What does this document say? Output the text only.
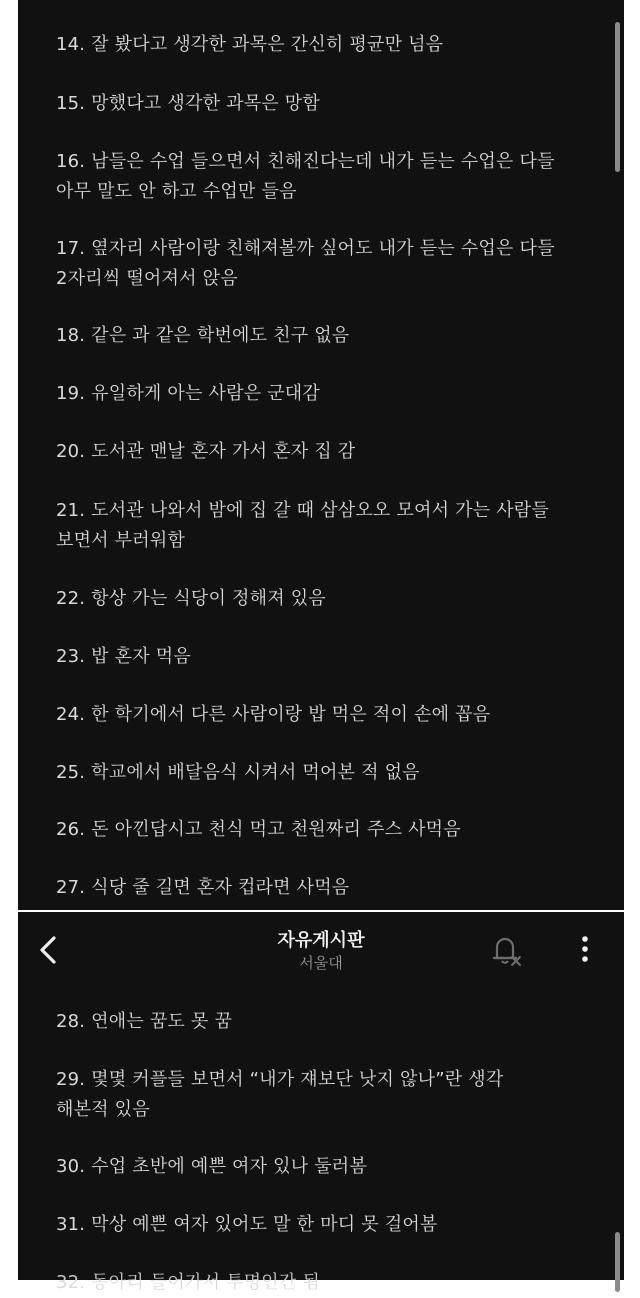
14. 잘 봤다고 생각한 과목은 간신히 평균만 넘음
15. 망했다고 생각한 과목은 망함
16. 남들은 수업 들으면서 친해진다는데 내가 듣는 수업은 다들
아무 말도 안 하고 수업만 들음
17. 옆자리 사람이랑 친해져볼까 싶어도 내가 듣는 수업은 다들
2자리씩 떨어져서 앉음
18. 같은 과 같은 학번에도 친구 없음
19. 유일하게 아는 사람은 군대감
20. 도서관 맨날 혼자 가서 혼자 집 감
21. 도서관 나와서 밤에 집 갈 때 삼삼오오 모여서 가는 사람들
보면서 부러워함
22. 항상 가는 식당이 정해져 있음
23. 밥 혼자 먹음
24. 한 학기에서 다른 사람이랑 밥 먹은 적이 손에 꼽음
25. 학교에서 배달음식 시켜서 먹어본 적 없음
26. 돈 아낀답시고 천식 먹고 천원짜리 주스 사먹음
27. 식당 줄 길면 혼자 컵라면 사먹음
자유게시판
서울대
28. 연애는 꿈도 못 꿈
29. 몇몇 커플들 보면서 “내가 쟤보단 낫지 않나”란 생각
해본적 있음
30. 수업 초반에 예쁜 여자 있나 둘러봄
31. 막상 예쁜 여자 있어도 말 한 마디 못 걸어봄
32. 동아리 들어가서 투명인간 됨
